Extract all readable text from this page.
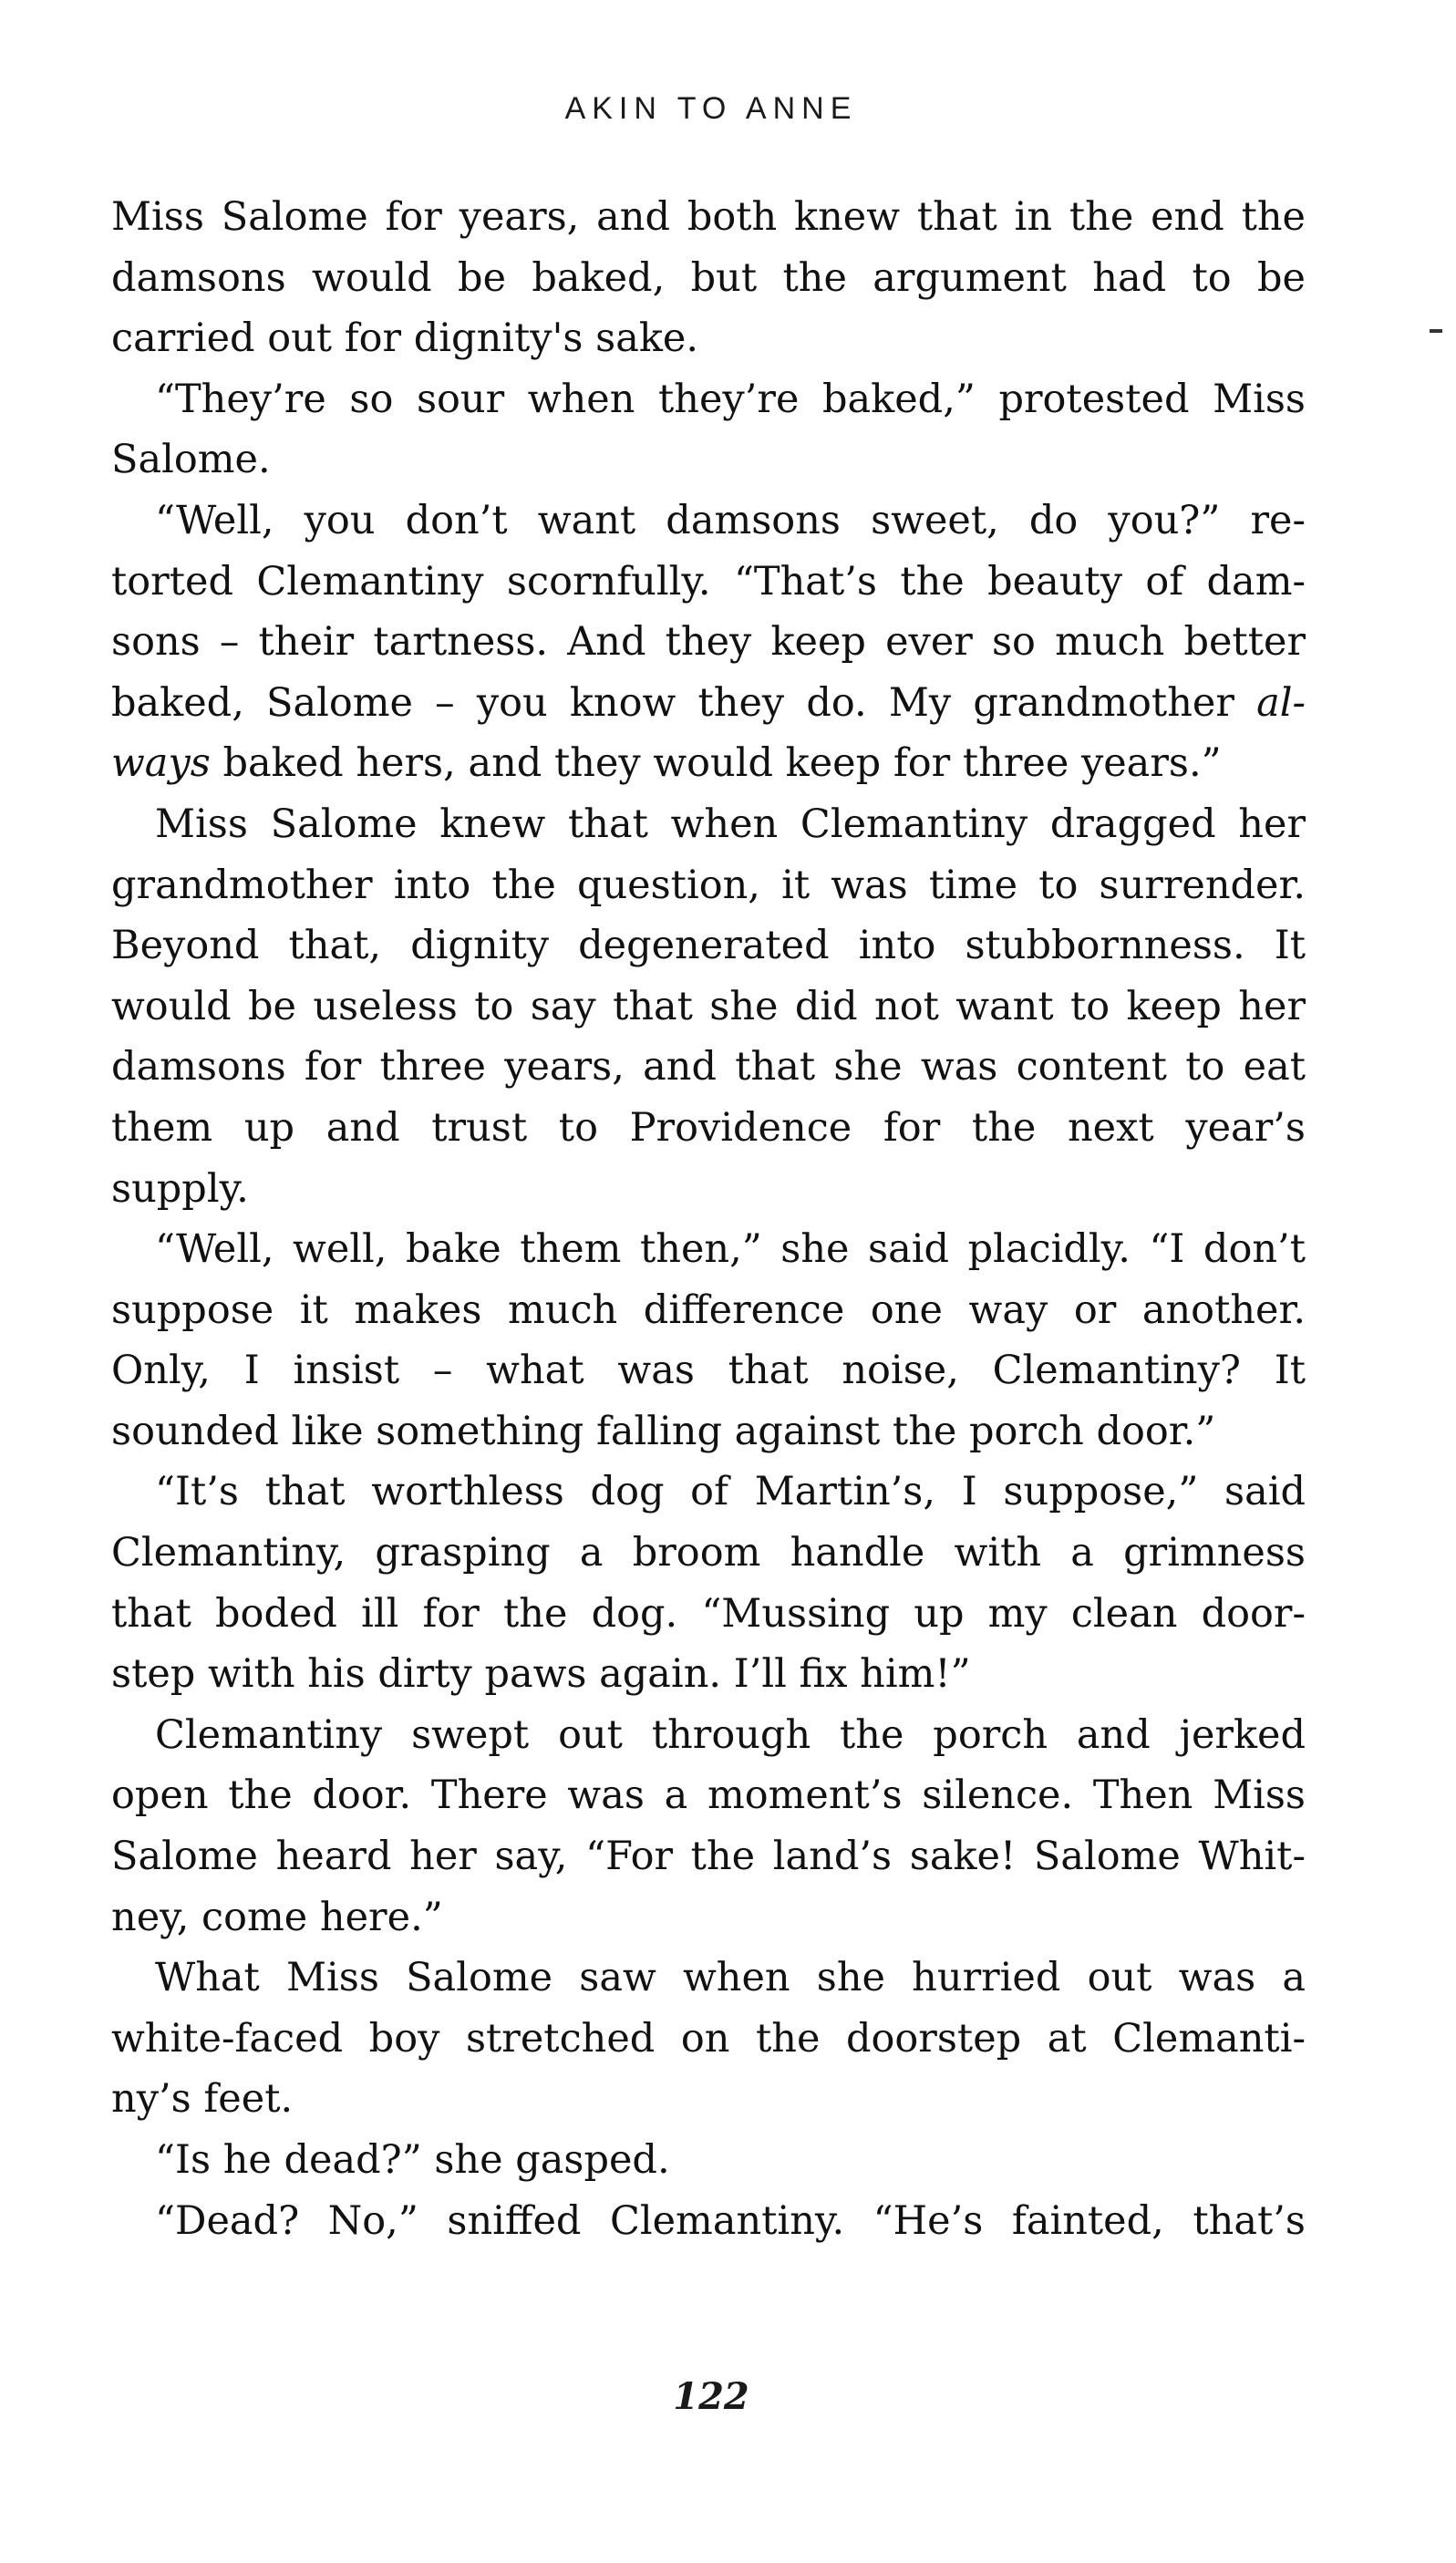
AKIN TO ANNE
Miss Salome for years, and both knew that in the end the
damsons would be baked, but the argument had to be
carried out for dignity's sake.
“They’re so sour when they’re baked,” protested Miss
Salome.
“Well, you don’t want damsons sweet, do you?” re-
torted Clemantiny scornfully. “That’s the beauty of dam-
sons – their tartness. And they keep ever so much better
baked, Salome – you know they do. My grandmother al-
ways baked hers, and they would keep for three years.”
Miss Salome knew that when Clemantiny dragged her
grandmother into the question, it was time to surrender.
Beyond that, dignity degenerated into stubbornness. It
would be useless to say that she did not want to keep her
damsons for three years, and that she was content to eat
them up and trust to Providence for the next year’s
supply.
“Well, well, bake them then,” she said placidly. “I don’t
suppose it makes much difference one way or another.
Only, I insist – what was that noise, Clemantiny? It
sounded like something falling against the porch door.”
“It’s that worthless dog of Martin’s, I suppose,” said
Clemantiny, grasping a broom handle with a grimness
that boded ill for the dog. “Mussing up my clean door-
step with his dirty paws again. I’ll fix him!”
Clemantiny swept out through the porch and jerked
open the door. There was a moment’s silence. Then Miss
Salome heard her say, “For the land’s sake! Salome Whit-
ney, come here.”
What Miss Salome saw when she hurried out was a
white-faced boy stretched on the doorstep at Clemanti-
ny’s feet.
“Is he dead?” she gasped.
“Dead? No,” sniffed Clemantiny. “He’s fainted, that’s
122
